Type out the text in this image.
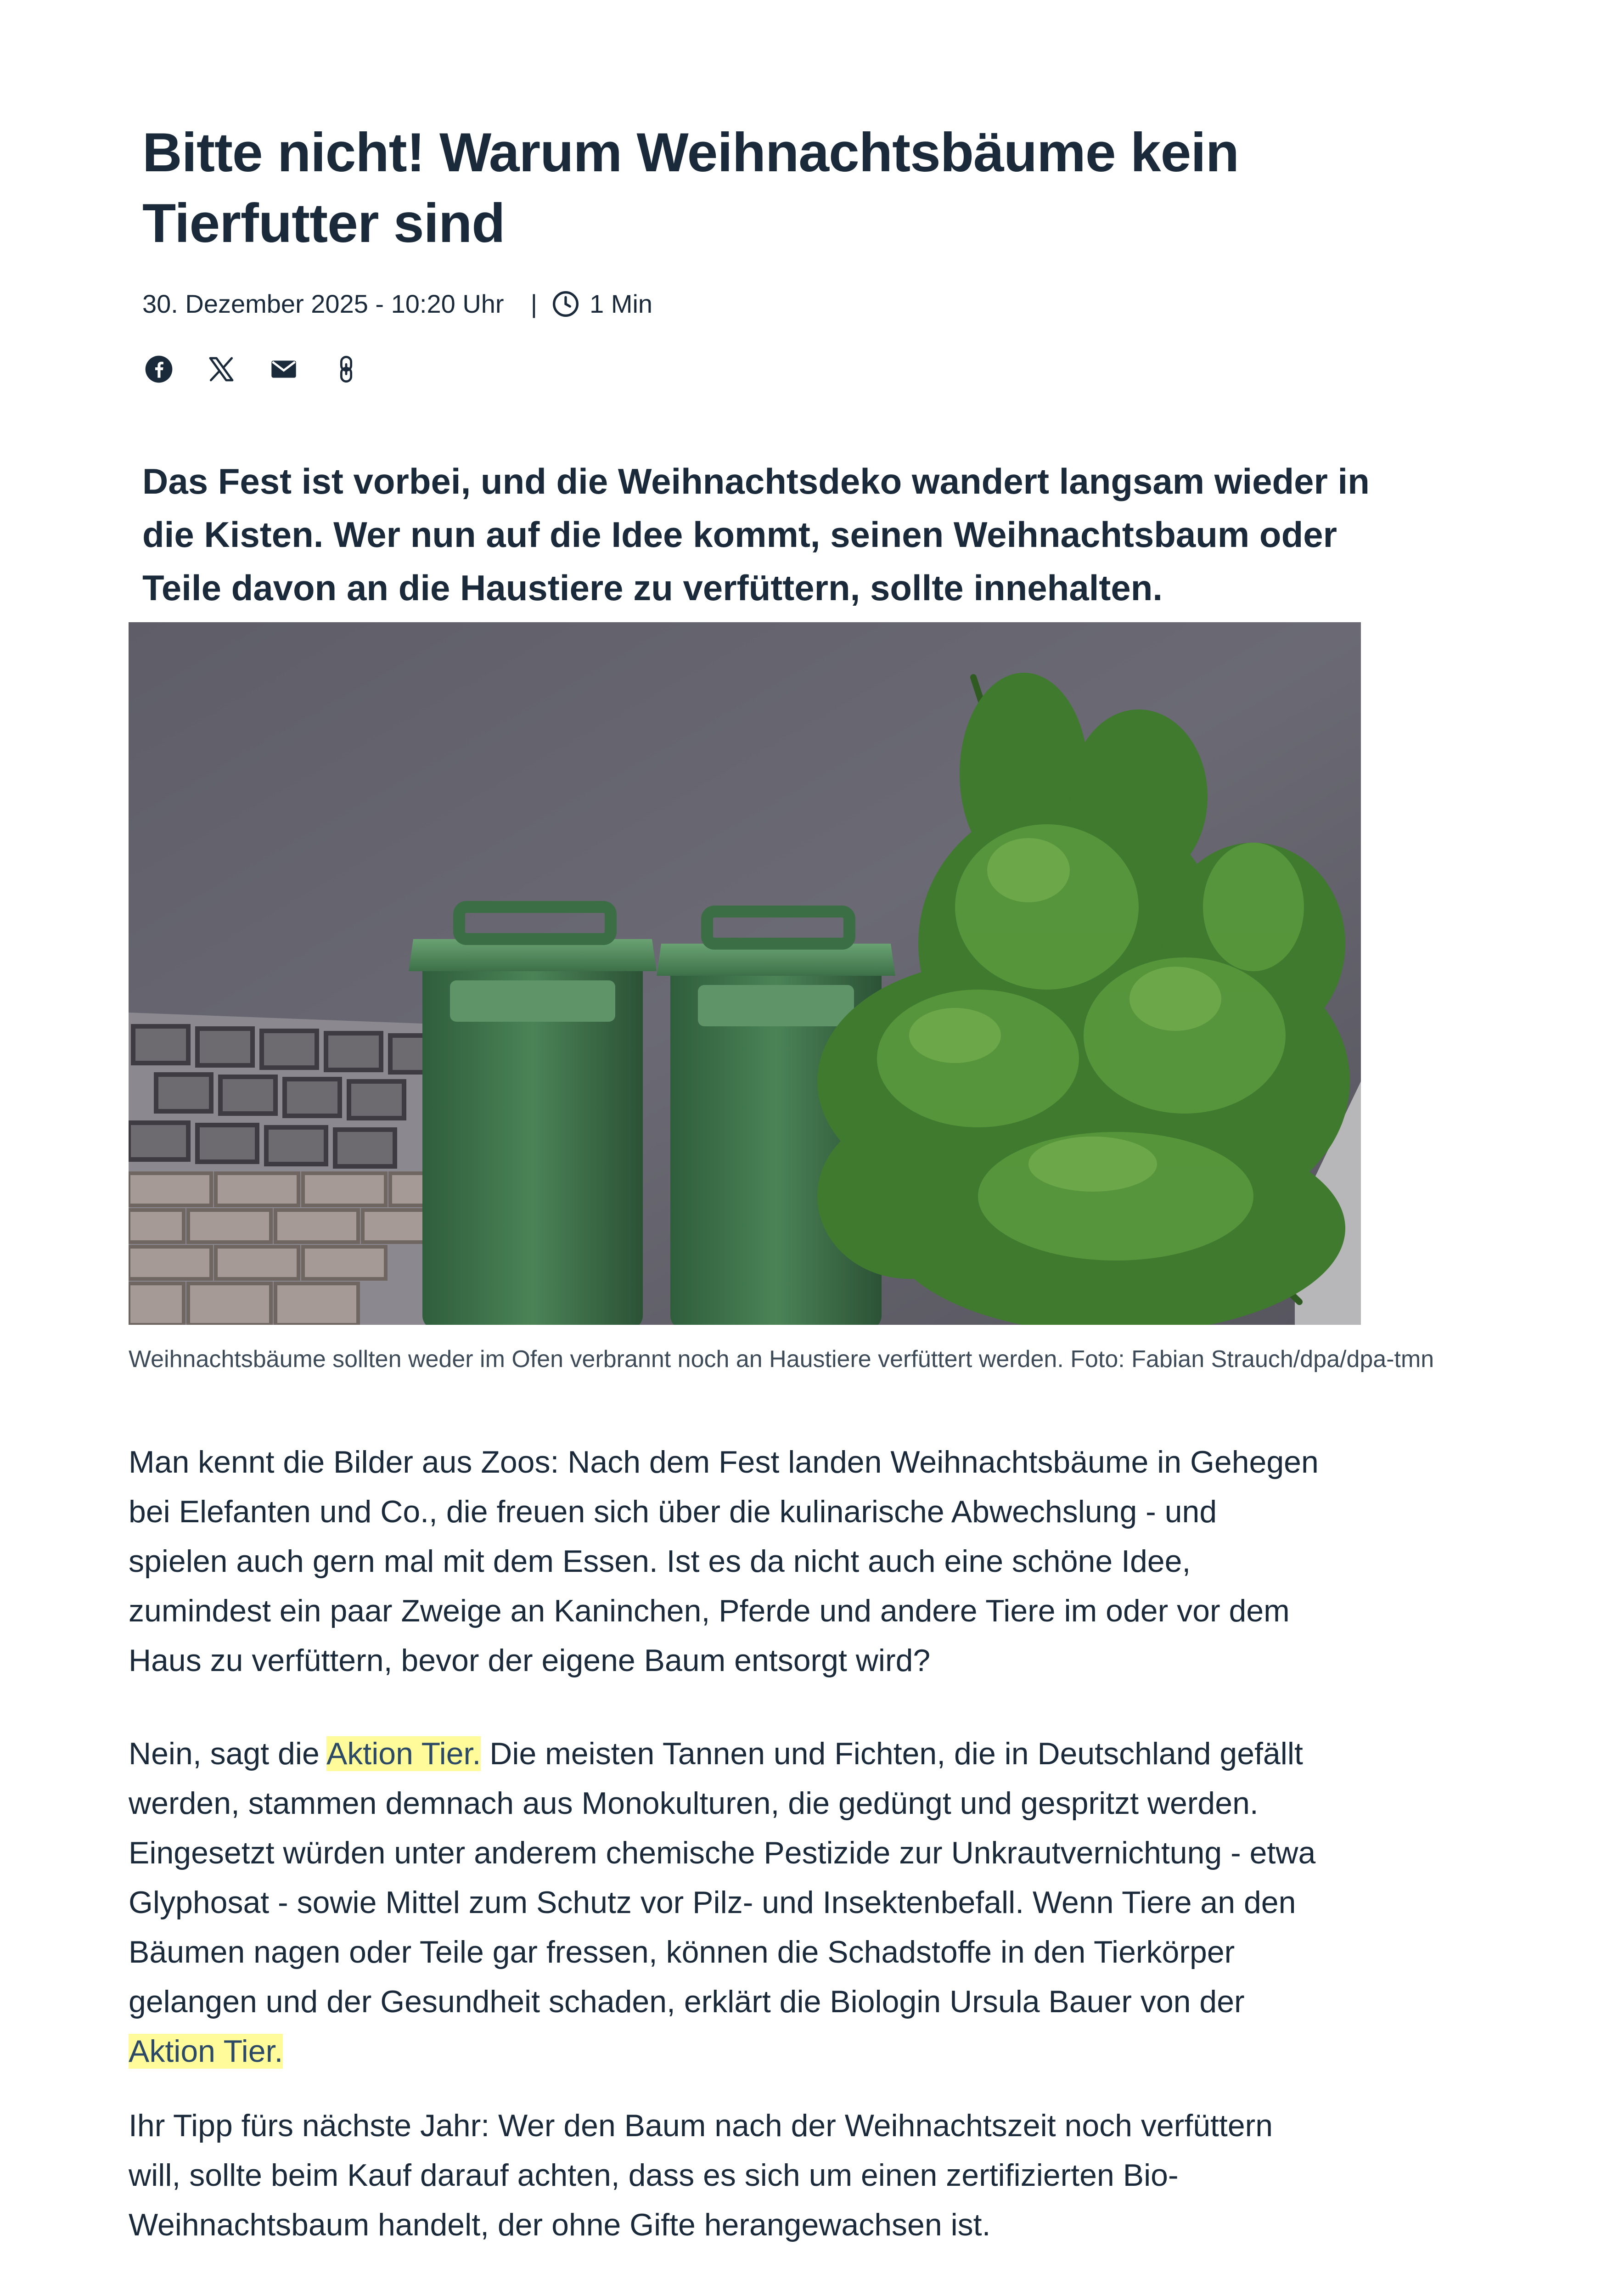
Bitte nicht! Warum Weihnachtsbäume kein Tierfutter sind
30. Dezember 2025 - 10:20 Uhr | 1 Min

Das Fest ist vorbei, und die Weihnachtsdeko wandert langsam wieder in die Kisten. Wer nun auf die Idee kommt, seinen Weihnachtsbaum oder Teile davon an die Haustiere zu verfüttern, sollte innehalten.

Weihnachtsbäume sollten weder im Ofen verbrannt noch an Haustiere verfüttert werden. Foto: Fabian Strauch/dpa/dpa-tmn

Man kennt die Bilder aus Zoos: Nach dem Fest landen Weihnachtsbäume in Gehegen bei Elefanten und Co., die freuen sich über die kulinarische Abwechslung - und spielen auch gern mal mit dem Essen. Ist es da nicht auch eine schöne Idee, zumindest ein paar Zweige an Kaninchen, Pferde und andere Tiere im oder vor dem Haus zu verfüttern, bevor der eigene Baum entsorgt wird?

Nein, sagt die Aktion Tier. Die meisten Tannen und Fichten, die in Deutschland gefällt werden, stammen demnach aus Monokulturen, die gedüngt und gespritzt werden. Eingesetzt würden unter anderem chemische Pestizide zur Unkrautvernichtung - etwa Glyphosat - sowie Mittel zum Schutz vor Pilz- und Insektenbefall. Wenn Tiere an den Bäumen nagen oder Teile gar fressen, können die Schadstoffe in den Tierkörper gelangen und der Gesundheit schaden, erklärt die Biologin Ursula Bauer von der Aktion Tier.

Ihr Tipp fürs nächste Jahr: Wer den Baum nach der Weihnachtszeit noch verfüttern will, sollte beim Kauf darauf achten, dass es sich um einen zertifizierten Bio-Weihnachtsbaum handelt, der ohne Gifte herangewachsen ist.
